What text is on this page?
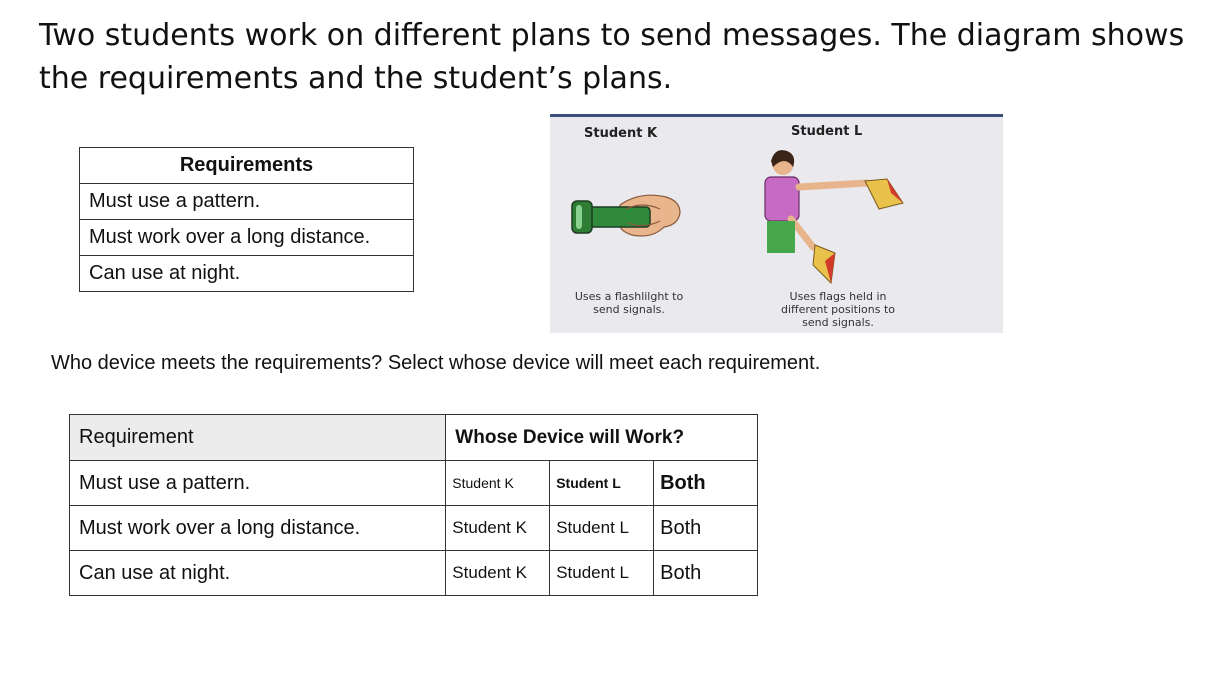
Two students work on different plans to send messages. The diagram shows
the requirements and the student’s plans.
Requirements
Must use a pattern.
Must work over a long distance.
Can use at night.
Student K	Student L
Uses a flashlilght to
send signals.
Uses flags held in
different positions to
send signals.
Who device meets the requirements? Select whose device will meet each requirement.
Requirement	Whose Device will Work?		
Must use a pattern.	Student K	Student L	Both
Must work over a long distance.	Student K	Student L	Both
Can use at night.	Student K	Student L	Both
